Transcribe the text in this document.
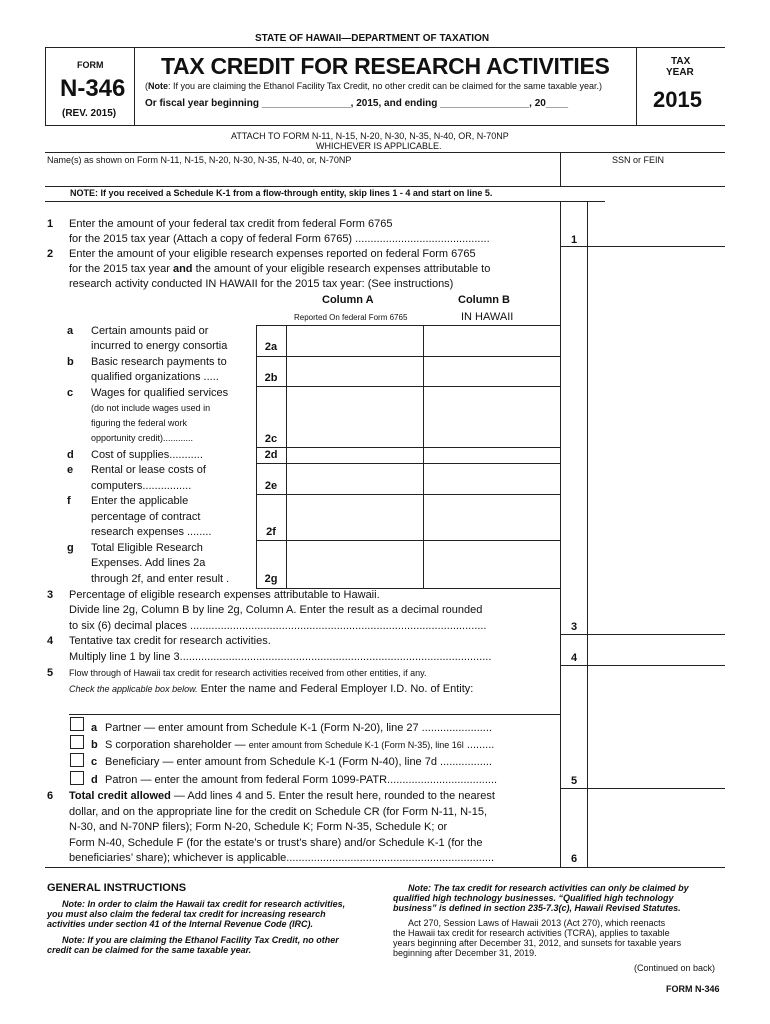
STATE OF HAWAII—DEPARTMENT OF TAXATION
FORM
N-346
(REV. 2015)
TAX CREDIT FOR RESEARCH ACTIVITIES
(Note: If you are claiming the Ethanol Facility Tax Credit, no other credit can be claimed for the same taxable year.)
Or fiscal year beginning ________________, 2015, and ending ________________, 20____
TAX
YEAR
2015
ATTACH TO FORM N-11, N-15, N-20, N-30, N-35, N-40, OR, N-70NP
WHICHEVER IS APPLICABLE.
Name(s) as shown on Form N-11, N-15, N-20, N-30, N-35, N-40, or, N-70NP	SSN or FEIN
NOTE: If you received a Schedule K-1 from a flow-through entity, skip lines 1 - 4 and start on line 5.
1 Enter the amount of your federal tax credit from federal Form 6765
for the 2015 tax year (Attach a copy of federal Form 6765) ............................................	1
2 Enter the amount of your eligible research expenses reported on federal Form 6765
for the 2015 tax year and the amount of your eligible research expenses attributable to
research activity conducted IN HAWAII for the 2015 tax year: (See instructions)
Column A
Reported On federal Form 6765
Column B
IN HAWAII
a Certain amounts paid or
incurred to energy consortia	2a
b Basic research payments to
qualified organizations .....	2b
c Wages for qualified services
(do not include wages used in
figuring the federal work
opportunity credit)............	2c
d Cost of supplies...........	2d
e Rental or lease costs of
computers................	2e
f Enter the applicable
percentage of contract
research expenses ........	2f
g Total Eligible Research
Expenses. Add lines 2a
through 2f, and enter result .	2g
3 Percentage of eligible research expenses attributable to Hawaii.
Divide line 2g, Column B by line 2g, Column A. Enter the result as a decimal rounded
to six (6) decimal places .................................................................................................	3
4 Tentative tax credit for research activities.
Multiply line 1 by line 3......................................................................................................	4
5 Flow through of Hawaii tax credit for research activities received from other entities, if any.
Check the applicable box below. Enter the name and Federal Employer I.D. No. of Entity:
a Partner — enter amount from Schedule K-1 (Form N-20), line 27 .......................
b S corporation shareholder — enter amount from Schedule K-1 (Form N-35), line 16l .........
c Beneficiary — enter amount from Schedule K-1 (Form N-40), line 7d .................
d Patron — enter the amount from federal Form 1099-PATR....................................	5
6 Total credit allowed — Add lines 4 and 5. Enter the result here, rounded to the nearest
dollar, and on the appropriate line for the credit on Schedule CR (for Form N-11, N-15,
N-30, and N-70NP filers); Form N-20, Schedule K; Form N-35, Schedule K; or
Form N-40, Schedule F (for the estate’s or trust’s share) and/or Schedule K-1 (for the
beneficiaries’ share); whichever is applicable....................................................................	6
GENERAL INSTRUCTIONS
Note: In order to claim the Hawaii tax credit for research activities,
you must also claim the federal tax credit for increasing research
activities under section 41 of the Internal Revenue Code (IRC).
Note: If you are claiming the Ethanol Facility Tax Credit, no other
credit can be claimed for the same taxable year.
Note: The tax credit for research activities can only be claimed by
qualified high technology businesses. “Qualified high technology
business” is defined in section 235-7.3(c), Hawaii Revised Statutes.
Act 270, Session Laws of Hawaii 2013 (Act 270), which reenacts
the Hawaii tax credit for research activities (TCRA), applies to taxable
years beginning after December 31, 2012, and sunsets for taxable years
beginning after December 31, 2019.
(Continued on back)
FORM N-346
